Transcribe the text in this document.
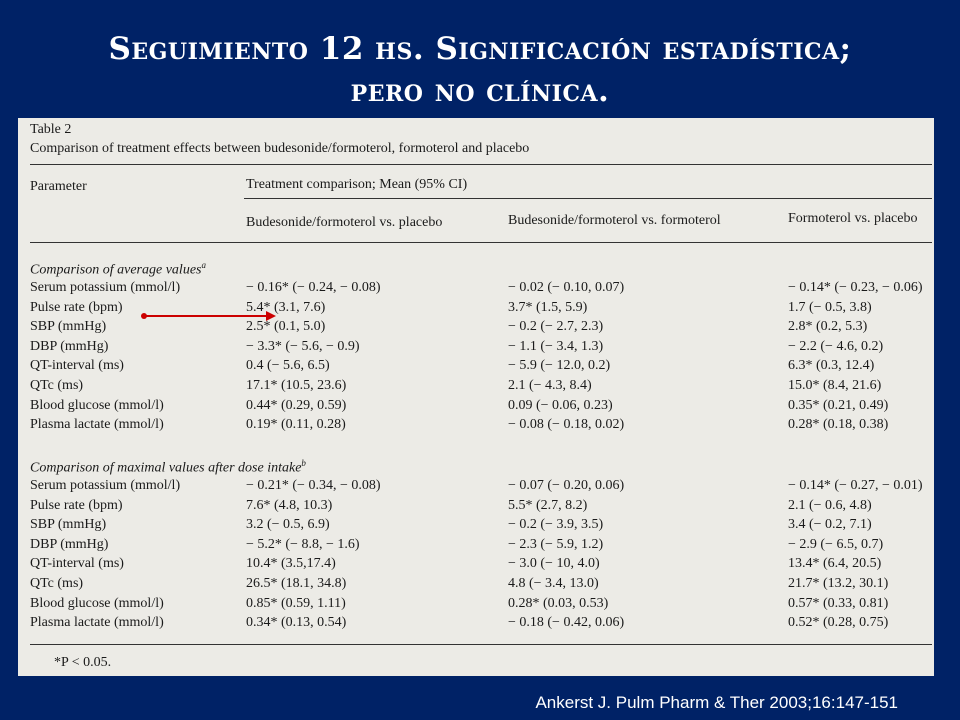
Seguimiento 12 hs. Significación estadística;
pero no clínica.
Table 2
Comparison of treatment effects between budesonide/formoterol, formoterol and placebo
Parameter	Treatment comparison; Mean (95% CI)
Budesonide/formoterol vs. placebo	Budesonide/formoterol vs. formoterol	Formoterol vs. placebo
Comparison of average values$^a$
Serum potassium (mmol/l)	− 0.16* (− 0.24, − 0.08)	− 0.02 (− 0.10, 0.07)	− 0.14* (− 0.23, − 0.06)
Pulse rate (bpm)	5.4* (3.1, 7.6)	3.7* (1.5, 5.9)	1.7 (− 0.5, 3.8)
SBP (mmHg)	2.5* (0.1, 5.0)	− 0.2 (− 2.7, 2.3)	2.8* (0.2, 5.3)
DBP (mmHg)	− 3.3* (− 5.6, − 0.9)	− 1.1 (− 3.4, 1.3)	− 2.2 (− 4.6, 0.2)
QT-interval (ms)	0.4 (− 5.6, 6.5)	− 5.9 (− 12.0, 0.2)	6.3* (0.3, 12.4)
QTc (ms)	17.1* (10.5, 23.6)	2.1 (− 4.3, 8.4)	15.0* (8.4, 21.6)
Blood glucose (mmol/l)	0.44* (0.29, 0.59)	0.09 (− 0.06, 0.23)	0.35* (0.21, 0.49)
Plasma lactate (mmol/l)	0.19* (0.11, 0.28)	− 0.08 (− 0.18, 0.02)	0.28* (0.18, 0.38)
Comparison of maximal values after dose intake$^b$
Serum potassium (mmol/l)	− 0.21* (− 0.34, − 0.08)	− 0.07 (− 0.20, 0.06)	− 0.14* (− 0.27, − 0.01)
Pulse rate (bpm)	7.6* (4.8, 10.3)	5.5* (2.7, 8.2)	2.1 (− 0.6, 4.8)
SBP (mmHg)	3.2 (− 0.5, 6.9)	− 0.2 (− 3.9, 3.5)	3.4 (− 0.2, 7.1)
DBP (mmHg)	− 5.2* (− 8.8, − 1.6)	− 2.3 (− 5.9, 1.2)	− 2.9 (− 6.5, 0.7)
QT-interval (ms)	10.4* (3.5,17.4)	− 3.0 (− 10, 4.0)	13.4* (6.4, 20.5)
QTc (ms)	26.5* (18.1, 34.8)	4.8 (− 3.4, 13.0)	21.7* (13.2, 30.1)
Blood glucose (mmol/l)	0.85* (0.59, 1.11)	0.28* (0.03, 0.53)	0.57* (0.33, 0.81)
Plasma lactate (mmol/l)	0.34* (0.13, 0.54)	− 0.18 (− 0.42, 0.06)	0.52* (0.28, 0.75)
*P < 0.05.
Ankerst J. Pulm Pharm & Ther 2003;16:147-151
